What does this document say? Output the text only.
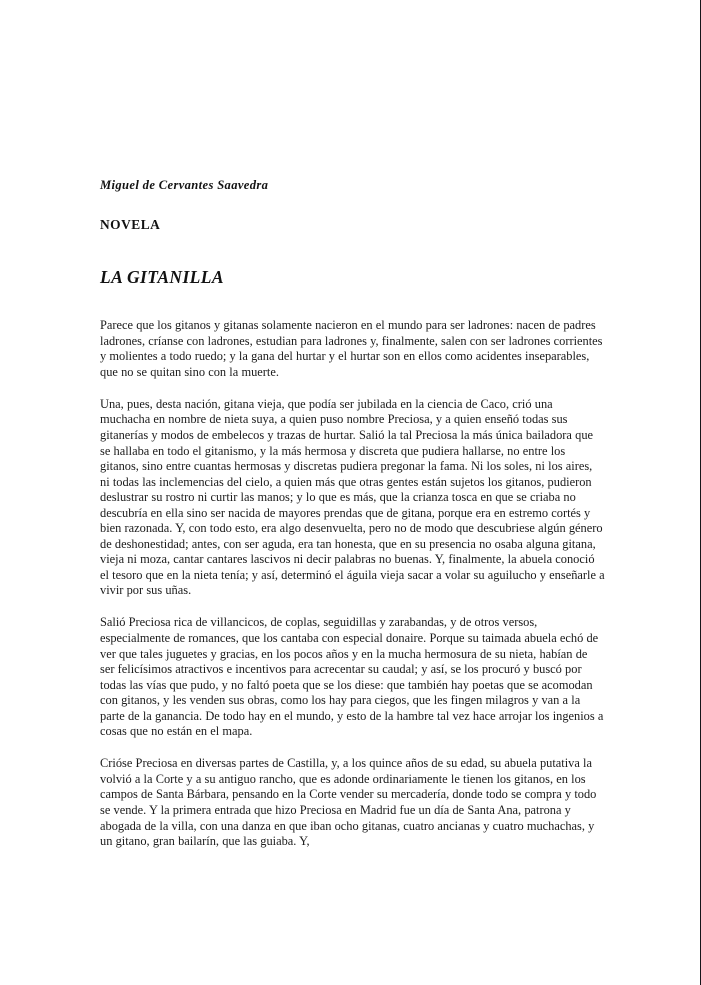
Miguel de Cervantes Saavedra
NOVELA
LA GITANILLA

Parece que los gitanos y gitanas solamente nacieron en el mundo para ser ladrones: nacen de padres ladrones, críanse con ladrones, estudian para ladrones y, finalmente, salen con ser ladrones corrientes y molientes a todo ruedo; y la gana del hurtar y el hurtar son en ellos como acidentes inseparables, que no se quitan sino con la muerte.

Una, pues, desta nación, gitana vieja, que podía ser jubilada en la ciencia de Caco, crió una muchacha en nombre de nieta suya, a quien puso nombre Preciosa, y a quien enseñó todas sus gitanerías y modos de embelecos y trazas de hurtar. Salió la tal Preciosa la más única bailadora que se hallaba en todo el gitanismo, y la más hermosa y discreta que pudiera hallarse, no entre los gitanos, sino entre cuantas hermosas y discretas pudiera pregonar la fama. Ni los soles, ni los aires, ni todas las inclemencias del cielo, a quien más que otras gentes están sujetos los gitanos, pudieron deslustrar su rostro ni curtir las manos; y lo que es más, que la crianza tosca en que se criaba no descubría en ella sino ser nacida de mayores prendas que de gitana, porque era en estremo cortés y bien razonada. Y, con todo esto, era algo desenvuelta, pero no de modo que descubriese algún género de deshonestidad; antes, con ser aguda, era tan honesta, que en su presencia no osaba alguna gitana, vieja ni moza, cantar cantares lascivos ni decir palabras no buenas. Y, finalmente, la abuela conoció el tesoro que en la nieta tenía; y así, determinó el águila vieja sacar a volar su aguilucho y enseñarle a vivir por sus uñas.

Salió Preciosa rica de villancicos, de coplas, seguidillas y zarabandas, y de otros versos, especialmente de romances, que los cantaba con especial donaire. Porque su taimada abuela echó de ver que tales juguetes y gracias, en los pocos años y en la mucha hermosura de su nieta, habían de ser felicísimos atractivos e incentivos para acrecentar su caudal; y así, se los procuró y buscó por todas las vías que pudo, y no faltó poeta que se los diese: que también hay poetas que se acomodan con gitanos, y les venden sus obras, como los hay para ciegos, que les fingen milagros y van a la parte de la ganancia. De todo hay en el mundo, y esto de la hambre tal vez hace arrojar los ingenios a cosas que no están en el mapa.

Crióse Preciosa en diversas partes de Castilla, y, a los quince años de su edad, su abuela putativa la volvió a la Corte y a su antiguo rancho, que es adonde ordinariamente le tienen los gitanos, en los campos de Santa Bárbara, pensando en la Corte vender su mercadería, donde todo se compra y todo se vende. Y la primera entrada que hizo Preciosa en Madrid fue un día de Santa Ana, patrona y abogada de la villa, con una danza en que iban ocho gitanas, cuatro ancianas y cuatro muchachas, y un gitano, gran bailarín, que las guiaba. Y,
